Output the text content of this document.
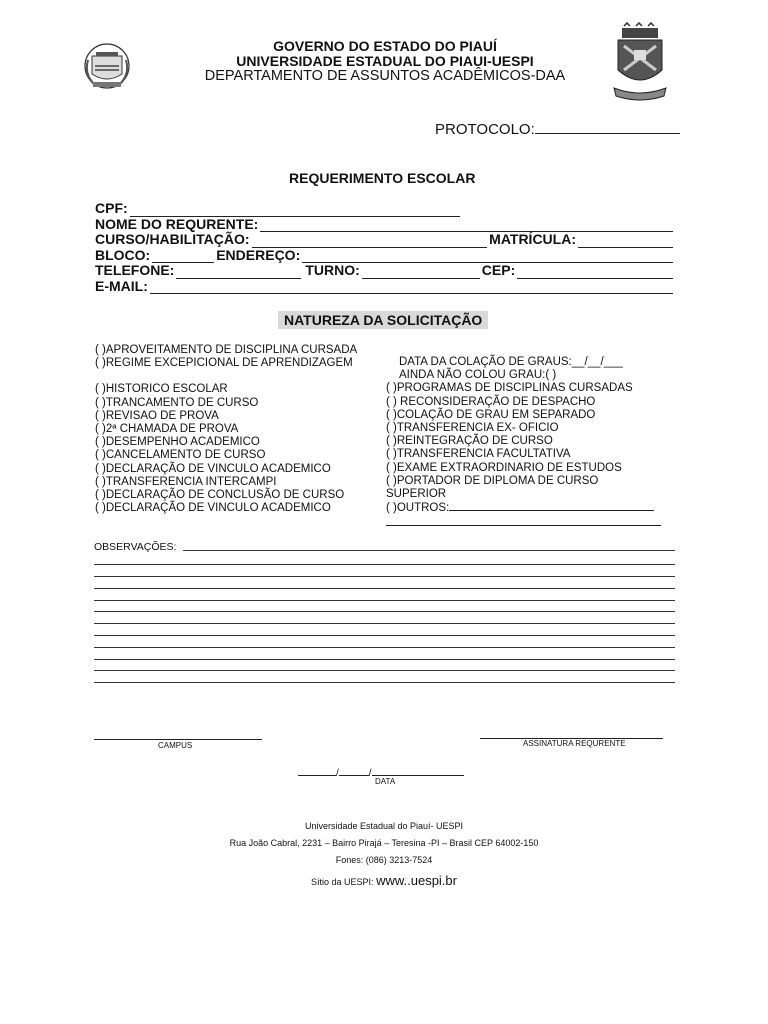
GOVERNO DO ESTADO DO PIAUÍ
UNIVERSIDADE ESTADUAL DO PIAUI-UESPI
DEPARTAMENTO DE ASSUNTOS ACADÊMICOS-DAA
PROTOCOLO:
REQUERIMENTO ESCOLAR
CPF:
NOME DO REQURENTE:
CURSO/HABILITAÇÃO:	MATRÍCULA:
BLOCO:	ENDEREÇO:
TELEFONE:	TURNO:	CEP:
E-MAIL:
NATUREZA DA SOLICITAÇÃO
( )APROVEITAMENTO DE DISCIPLINA CURSADA
( )REGIME EXCEPICIONAL DE APRENDIZAGEM
( )HISTORICO ESCOLAR
( )TRANCAMENTO DE CURSO
( )REVISAO DE PROVA
( )2ª CHAMADA DE PROVA
( )DESEMPENHO ACADEMICO
( )CANCELAMENTO DE CURSO
( )DECLARAÇÃO DE VINCULO ACADEMICO
( )TRANSFERENCIA INTERCAMPI
( )DECLARAÇÃO DE CONCLUSÃO DE CURSO
( )DECLARAÇÃO DE VINCULO ACADEMICO
DATA DA COLAÇÃO DE GRAUS:__/__/___
AINDA NÃO COLOU GRAU:( )
( )PROGRAMAS DE DISCIPLINAS CURSADAS
( ) RECONSIDERAÇÃO DE DESPACHO
( )COLAÇÃO DE GRAU EM SEPARADO
( )TRANSFERENCIA EX- OFICIO
( )REINTEGRAÇÃO DE CURSO
( )TRANSFERENCIA FACULTATIVA
( )EXAME EXTRAORDINARIO DE ESTUDOS
( )PORTADOR DE DIPLOMA DE CURSO
SUPERIOR
( )OUTROS:
OBSERVAÇÕES:
CAMPUS	ASSINATURA REQURENTE
/	/
DATA
Universidade Estadual do Piauí- UESPI
Rua João Cabral, 2231 – Bairro Pirajá – Teresina -PI – Brasil CEP 64002-150
Fones: (086) 3213-7524
Sítio da UESPI: www..uespi.br
